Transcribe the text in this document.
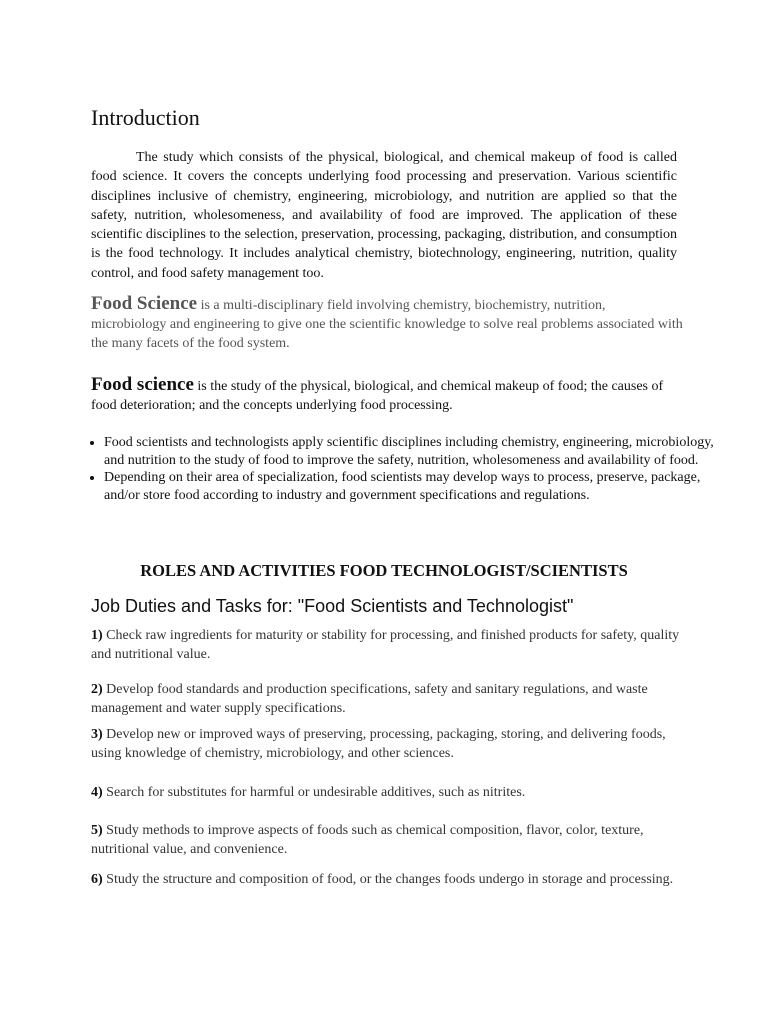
Introduction

The study which consists of the physical, biological, and chemical makeup of food is called food science. It covers the concepts underlying food processing and preservation. Various scientific disciplines inclusive of chemistry, engineering, microbiology, and nutrition are applied so that the safety, nutrition, wholesomeness, and availability of food are improved. The application of these scientific disciplines to the selection, preservation, processing, packaging, distribution, and consumption is the food technology. It includes analytical chemistry, biotechnology, engineering, nutrition, quality control, and food safety management too.

Food Science is a multi-disciplinary field involving chemistry, biochemistry, nutrition, microbiology and engineering to give one the scientific knowledge to solve real problems associated with the many facets of the food system.

Food science is the study of the physical, biological, and chemical makeup of food; the causes of food deterioration; and the concepts underlying food processing.

• Food scientists and technologists apply scientific disciplines including chemistry, engineering, microbiology, and nutrition to the study of food to improve the safety, nutrition, wholesomeness and availability of food.
• Depending on their area of specialization, food scientists may develop ways to process, preserve, package, and/or store food according to industry and government specifications and regulations.
ROLES AND ACTIVITIES FOOD TECHNOLOGIST/SCIENTISTS
Job Duties and Tasks for: "Food Scientists and Technologist"

1) Check raw ingredients for maturity or stability for processing, and finished products for safety, quality and nutritional value.

2) Develop food standards and production specifications, safety and sanitary regulations, and waste management and water supply specifications.

3) Develop new or improved ways of preserving, processing, packaging, storing, and delivering foods, using knowledge of chemistry, microbiology, and other sciences.

4) Search for substitutes for harmful or undesirable additives, such as nitrites.

5) Study methods to improve aspects of foods such as chemical composition, flavor, color, texture, nutritional value, and convenience.

6) Study the structure and composition of food, or the changes foods undergo in storage and processing.
